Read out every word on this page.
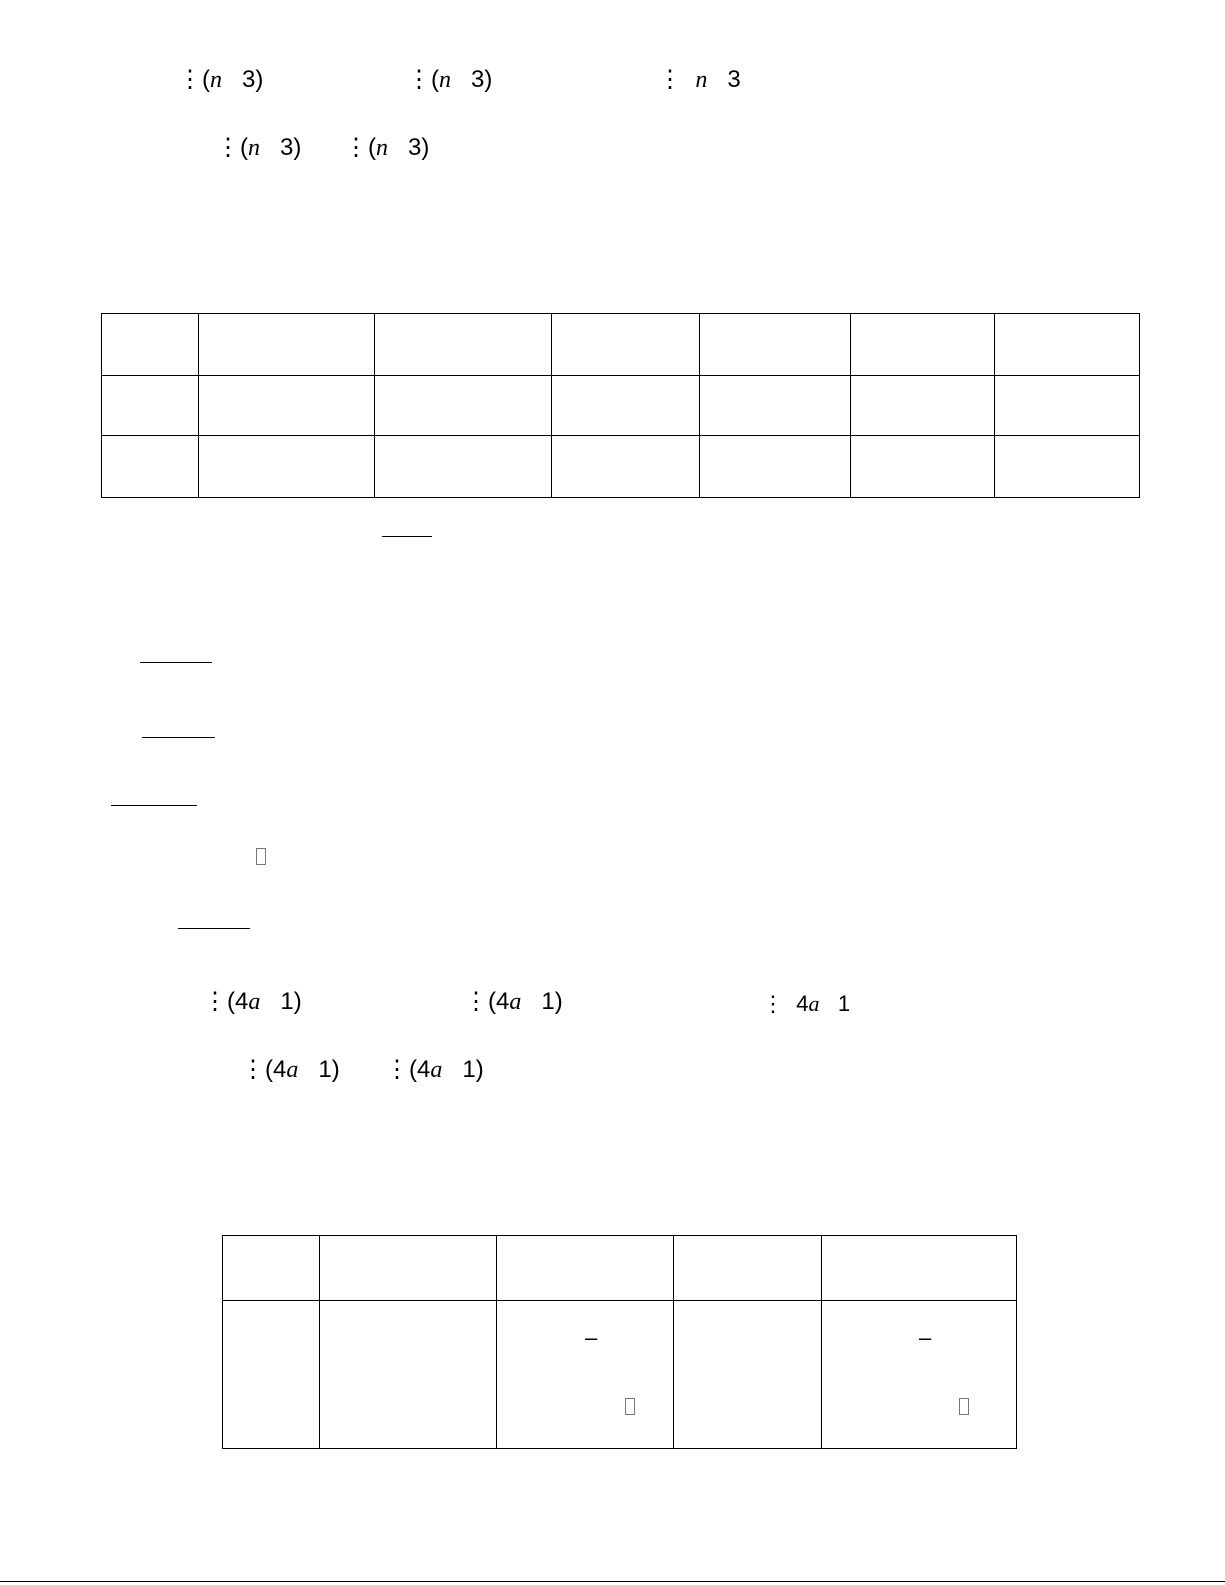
⋮(n 3)	⋮(n 3)	⋮ n 3
⋮(n 3) ⋮(n 3)

⋮(4a 1)	⋮(4a 1)	⋮ 4a 1
⋮(4a 1) ⋮(4a 1)

		–		–
